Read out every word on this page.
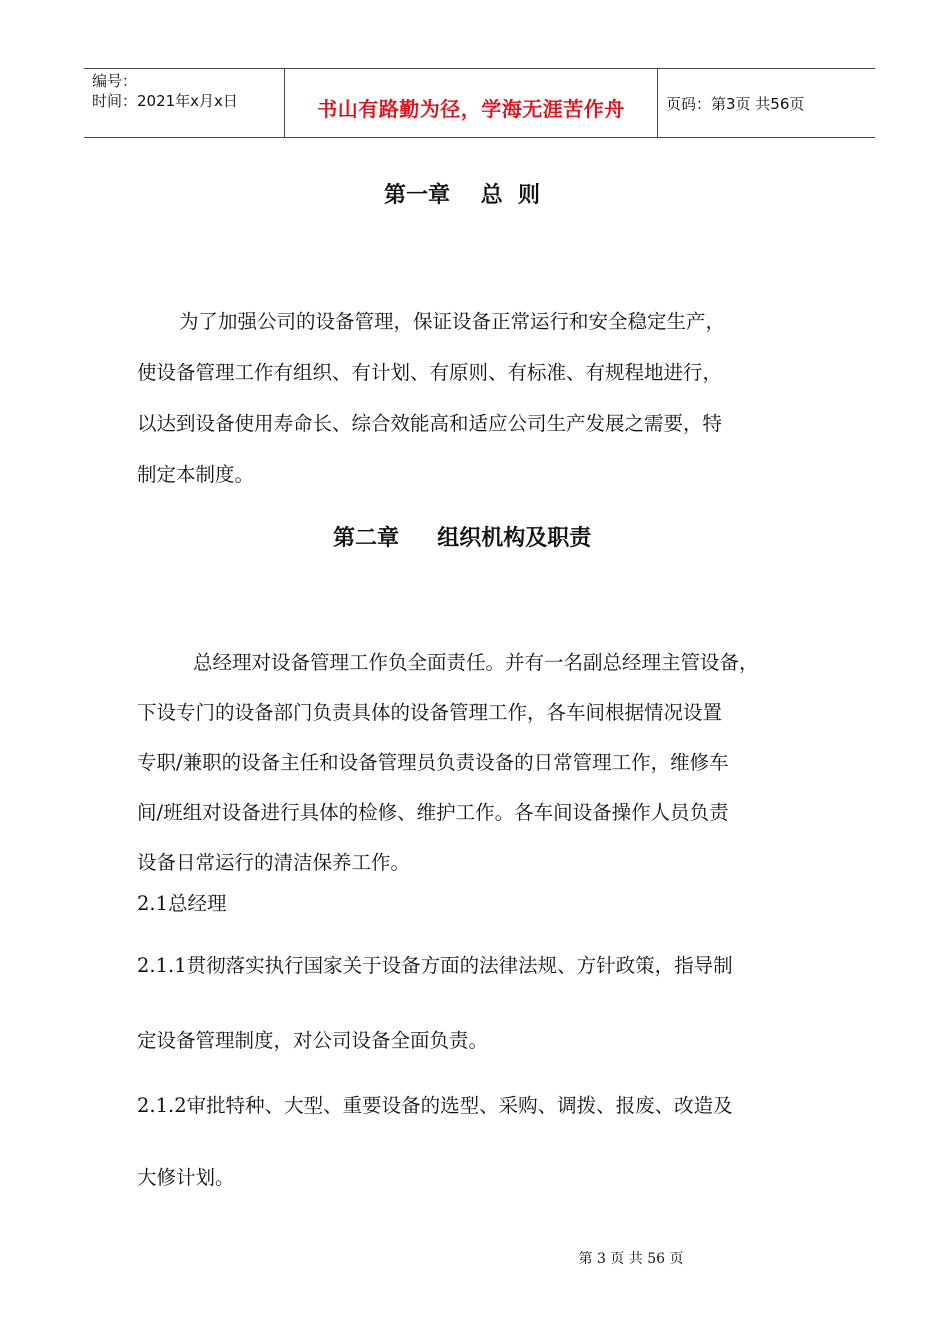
编号：
时间：2021年x月x日	书山有路勤为径，学海无涯苦作舟	页码：第3页 共56页
第一章    总  则
为了加强公司的设备管理，保证设备正常运行和安全稳定生产，
使设备管理工作有组织、有计划、有原则、有标准、有规程地进行，
以达到设备使用寿命长、综合效能高和适应公司生产发展之需要，特
制定本制度。
第二章     组织机构及职责
总经理对设备管理工作负全面责任。并有一名副总经理主管设备，
下设专门的设备部门负责具体的设备管理工作，各车间根据情况设置
专职/兼职的设备主任和设备管理员负责设备的日常管理工作，维修车
间/班组对设备进行具体的检修、维护工作。各车间设备操作人员负责
设备日常运行的清洁保养工作。
2.1总经理
2.1.1贯彻落实执行国家关于设备方面的法律法规、方针政策，指导制
定设备管理制度，对公司设备全面负责。
2.1.2审批特种、大型、重要设备的选型、采购、调拨、报废、改造及
大修计划。
第 3 页 共 56 页
